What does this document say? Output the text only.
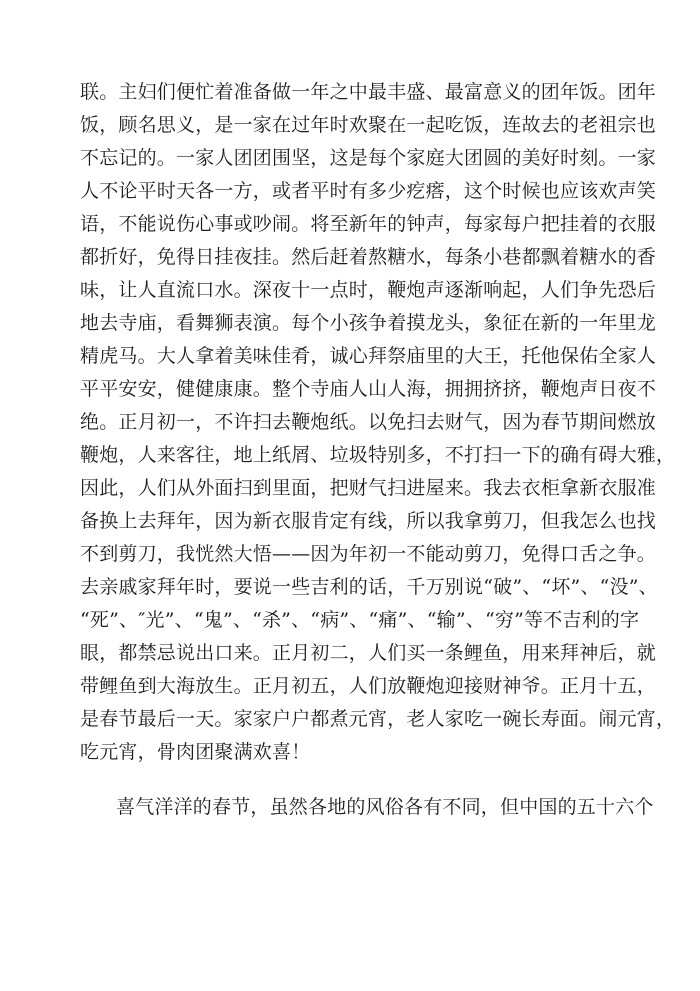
联。主妇们便忙着准备做一年之中最丰盛、最富意义的团年饭。团年
饭，顾名思义，是一家在过年时欢聚在一起吃饭，连故去的老祖宗也
不忘记的。一家人团团围坚，这是每个家庭大团圆的美好时刻。一家
人不论平时天各一方，或者平时有多少疙瘩，这个时候也应该欢声笑
语，不能说伤心事或吵闹。将至新年的钟声，每家每户把挂着的衣服
都折好，免得日挂夜挂。然后赶着熬糖水，每条小巷都飘着糖水的香
味，让人直流口水。深夜十一点时，鞭炮声逐渐响起，人们争先恐后
地去寺庙，看舞狮表演。每个小孩争着摸龙头，象征在新的一年里龙
精虎马。大人拿着美味佳肴，诚心拜祭庙里的大王，托他保佑全家人
平平安安，健健康康。整个寺庙人山人海，拥拥挤挤，鞭炮声日夜不
绝。正月初一，不许扫去鞭炮纸。以免扫去财气，因为春节期间燃放
鞭炮，人来客往，地上纸屑、垃圾特别多，不打扫一下的确有碍大雅，
因此，人们从外面扫到里面，把财气扫进屋来。我去衣柜拿新衣服准
备换上去拜年，因为新衣服肯定有线，所以我拿剪刀，但我怎么也找
不到剪刀，我恍然大悟——因为年初一不能动剪刀，免得口舌之争。
去亲戚家拜年时，要说一些吉利的话，千万别说“破”、“坏”、“没”、
“死”、″光”、“鬼”、“杀”、“病”、“痛”、“输”、“穷”等不吉利的字
眼，都禁忌说出口来。正月初二，人们买一条鲤鱼，用来拜神后，就
带鲤鱼到大海放生。正月初五，人们放鞭炮迎接财神爷。正月十五，
是春节最后一天。家家户户都煮元宵，老人家吃一碗长寿面。闹元宵，
吃元宵，骨肉团聚满欢喜！
喜气洋洋的春节，虽然各地的风俗各有不同，但中国的五十六个
